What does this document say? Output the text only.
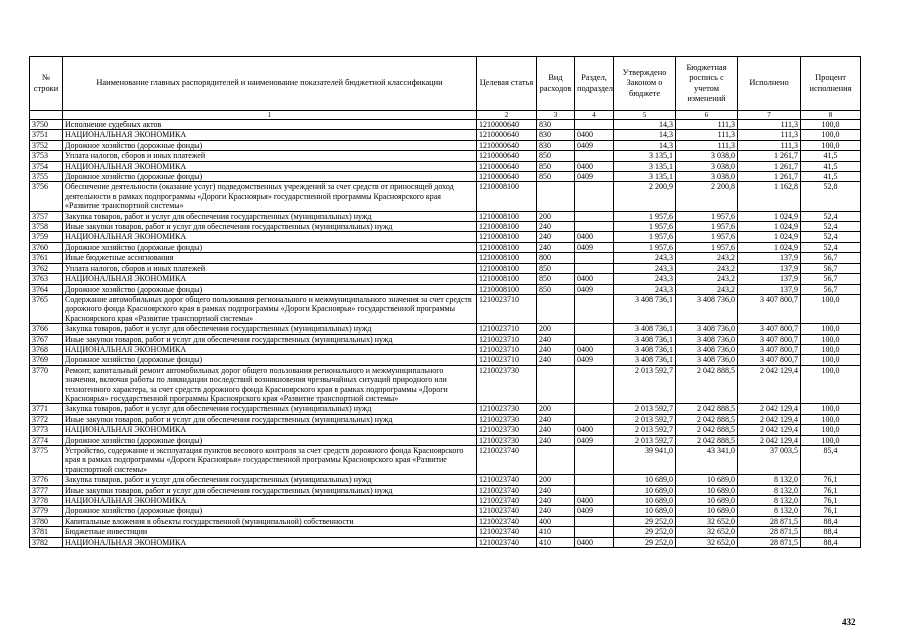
№ строки	Наименование главных распорядителей и наименование показателей бюджетной классификации	Целевая статья	Вид расходов	Раздел, подраздел	Утверждено Законом о бюджете	Бюджетная роспись с учетом изменений	Исполнено	Процент исполнения
	1	2	3	4	5	6	7	8
3750	Исполнение судебных актов	1210000640	830		14,3	111,3	111,3	100,0
3751	НАЦИОНАЛЬНАЯ ЭКОНОМИКА	1210000640	830	0400	14,3	111,3	111,3	100,0
3752	Дорожное хозяйство (дорожные фонды)	1210000640	830	0409	14,3	111,3	111,3	100,0
3753	Уплата налогов, сборов и иных платежей	1210000640	850		3 135,1	3 038,0	1 261,7	41,5
3754	НАЦИОНАЛЬНАЯ ЭКОНОМИКА	1210000640	850	0400	3 135,1	3 038,0	1 261,7	41,5
3755	Дорожное хозяйство (дорожные фонды)	1210000640	850	0409	3 135,1	3 038,0	1 261,7	41,5
3756	Обеспечение деятельности (оказание услуг) подведомственных учреждений за счет средств от приносящей доход деятельности в рамках подпрограммы «Дороги Красноярья» государственной программы Красноярского края «Развитие транспортной системы»	1210008100			2 200,9	2 200,8	1 162,8	52,8
3757	Закупка товаров, работ и услуг для обеспечения государственных (муниципальных) нужд	1210008100	200		1 957,6	1 957,6	1 024,9	52,4
3758	Иные закупки товаров, работ и услуг для обеспечения государственных (муниципальных) нужд	1210008100	240		1 957,6	1 957,6	1 024,9	52,4
3759	НАЦИОНАЛЬНАЯ ЭКОНОМИКА	1210008100	240	0400	1 957,6	1 957,6	1 024,9	52,4
3760	Дорожное хозяйство (дорожные фонды)	1210008100	240	0409	1 957,6	1 957,6	1 024,9	52,4
3761	Иные бюджетные ассигнования	1210008100	800		243,3	243,2	137,9	56,7
3762	Уплата налогов, сборов и иных платежей	1210008100	850		243,3	243,2	137,9	56,7
3763	НАЦИОНАЛЬНАЯ ЭКОНОМИКА	1210008100	850	0400	243,3	243,2	137,9	56,7
3764	Дорожное хозяйство (дорожные фонды)	1210008100	850	0409	243,3	243,2	137,9	56,7
3765	Содержание автомобильных дорог общего пользования регионального и межмуниципального значения за счет средств дорожного фонда Красноярского края в рамках подпрограммы «Дороги Красноярья» государственной программы Красноярского края «Развитие транспортной системы»	1210023710			3 408 736,1	3 408 736,0	3 407 800,7	100,0
3766	Закупка товаров, работ и услуг для обеспечения государственных (муниципальных) нужд	1210023710	200		3 408 736,1	3 408 736,0	3 407 800,7	100,0
3767	Иные закупки товаров, работ и услуг для обеспечения государственных (муниципальных) нужд	1210023710	240		3 408 736,1	3 408 736,0	3 407 800,7	100,0
3768	НАЦИОНАЛЬНАЯ ЭКОНОМИКА	1210023710	240	0400	3 408 736,1	3 408 736,0	3 407 800,7	100,0
3769	Дорожное хозяйство (дорожные фонды)	1210023710	240	0409	3 408 736,1	3 408 736,0	3 407 800,7	100,0
3770	Ремонт, капитальный ремонт автомобильных дорог общего пользования регионального и межмуниципального значения, включая работы по ликвидации последствий возникновения чрезвычайных ситуаций природного или техногенного характера, за счет средств дорожного фонда Красноярского края в рамках подпрограммы «Дороги Красноярья» государственной программы Красноярского края «Развитие транспортной системы»	1210023730			2 013 592,7	2 042 888,5	2 042 129,4	100,0
3771	Закупка товаров, работ и услуг для обеспечения государственных (муниципальных) нужд	1210023730	200		2 013 592,7	2 042 888,5	2 042 129,4	100,0
3772	Иные закупки товаров, работ и услуг для обеспечения государственных (муниципальных) нужд	1210023730	240		2 013 592,7	2 042 888,5	2 042 129,4	100,0
3773	НАЦИОНАЛЬНАЯ ЭКОНОМИКА	1210023730	240	0400	2 013 592,7	2 042 888,5	2 042 129,4	100,0
3774	Дорожное хозяйство (дорожные фонды)	1210023730	240	0409	2 013 592,7	2 042 888,5	2 042 129,4	100,0
3775	Устройство, содержание и эксплуатация пунктов весового контроля за счет средств дорожного фонда Красноярского края в рамках подпрограммы «Дороги Красноярья» государственной программы Красноярского края «Развитие транспортной системы»	1210023740			39 941,0	43 341,0	37 003,5	85,4
3776	Закупка товаров, работ и услуг для обеспечения государственных (муниципальных) нужд	1210023740	200		10 689,0	10 689,0	8 132,0	76,1
3777	Иные закупки товаров, работ и услуг для обеспечения государственных (муниципальных) нужд	1210023740	240		10 689,0	10 689,0	8 132,0	76,1
3778	НАЦИОНАЛЬНАЯ ЭКОНОМИКА	1210023740	240	0400	10 689,0	10 689,0	8 132,0	76,1
3779	Дорожное хозяйство (дорожные фонды)	1210023740	240	0409	10 689,0	10 689,0	8 132,0	76,1
3780	Капитальные вложения в объекты государственной (муниципальной) собственности	1210023740	400		29 252,0	32 652,0	28 871,5	88,4
3781	Бюджетные инвестиции	1210023740	410		29 252,0	32 652,0	28 871,5	88,4
3782	НАЦИОНАЛЬНАЯ ЭКОНОМИКА	1210023740	410	0400	29 252,0	32 652,0	28 871,5	88,4
432
